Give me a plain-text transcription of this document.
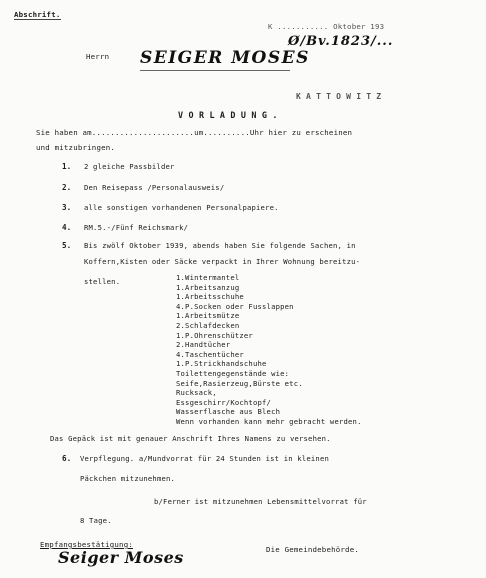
Abschrift.
K ........... Oktober 193
Ø/Bv.1823/...
Herrn SEIGER MOSES
K A T T O W I T Z
V O R L A D U N G .
Sie haben am......................um..........Uhr hier zu erscheinen
und mitzubringen.
1. 2 gleiche Passbilder
2. Den Reisepass /Personalausweis/
3. alle sonstigen vorhandenen Personalpapiere.
4. RM.5.-/Fünf Reichsmark/
5. Bis zwölf Oktober 1939, abends haben Sie folgende Sachen, in
Koffern,Kisten oder Säcke verpackt in Ihrer Wohnung bereitzu-
stellen.	1.Wintermantel
1.Arbeitsanzug
1.Arbeitsschuhe
4.P.Socken oder Fusslappen
1.Arbeitsmütze
2.Schlafdecken
1.P.Ohrenschützer
2.Handtücher
4.Taschentücher
1.P.Strickhandschuhe
Toilettengegenstände wie:
Seife,Rasierzeug,Bürste etc.
Rucksack,
Essgeschirr/Kochtopf/
Wasserflasche aus Blech
Wenn vorhanden kann mehr gebracht werden.
Das Gepäck ist mit genauer Anschrift Ihres Namens zu versehen.
6. Verpflegung. a/Mundvorrat für 24 Stunden ist in kleinen
Päckchen mitzunehmen.
b/Ferner ist mitzunehmen Lebensmittelvorrat für
8 Tage.
Empfangsbestätigung:
Seiger Moses	Die Gemeindebehörde.
